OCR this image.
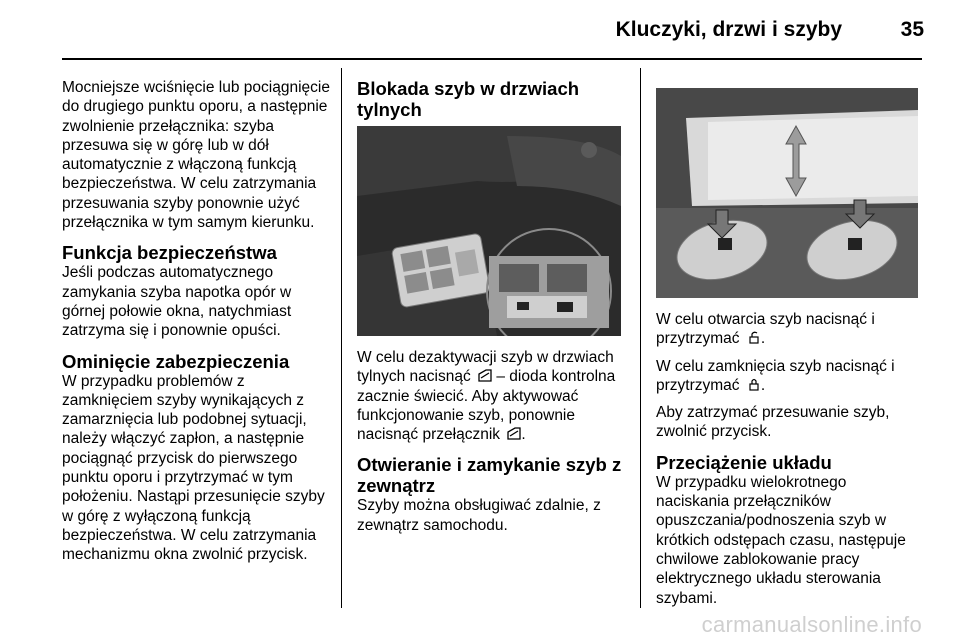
Kluczyki, drzwi i szyby	35

Mocniejsze wciśnięcie lub pociągnięcie do drugiego punktu oporu, a następnie zwolnienie przełącznika: szyba przesuwa się w górę lub w dół automatycznie z włączoną funkcją bezpieczeństwa. W celu zatrzymania przesuwania szyby ponownie użyć przełącznika w tym samym kierunku.

Funkcja bezpieczeństwa

Jeśli podczas automatycznego zamykania szyba napotka opór w górnej połowie okna, natychmiast zatrzyma się i ponownie opuści.

Ominięcie zabezpieczenia

W przypadku problemów z zamknięciem szyby wynikających z zamarznięcia lub podobnej sytuacji, należy włączyć zapłon, a następnie pociągnąć przycisk do pierwszego punktu oporu i przytrzymać w tym położeniu. Nastąpi przesunięcie szyby w górę z wyłączoną funkcją bezpieczeństwa. W celu zatrzymania mechanizmu okna zwolnić przycisk.

Blokada szyb w drzwiach tylnych

W celu dezaktywacji szyb w drzwiach tylnych nacisnąć – dioda kontrolna zacznie świecić. Aby aktywować funkcjonowanie szyb, ponownie nacisnąć przełącznik .

Otwieranie i zamykanie szyb z zewnątrz

Szyby można obsługiwać zdalnie, z zewnątrz samochodu.

W celu otwarcia szyb nacisnąć i przytrzymać .

W celu zamknięcia szyb nacisnąć i przytrzymać .

Aby zatrzymać przesuwanie szyb, zwolnić przycisk.

Przeciążenie układu

W przypadku wielokrotnego naciskania przełączników opuszczania/podnoszenia szyb w krótkich odstępach czasu, następuje chwilowe zablokowanie pracy elektrycznego układu sterowania szybami.

carmanualsonline.info
